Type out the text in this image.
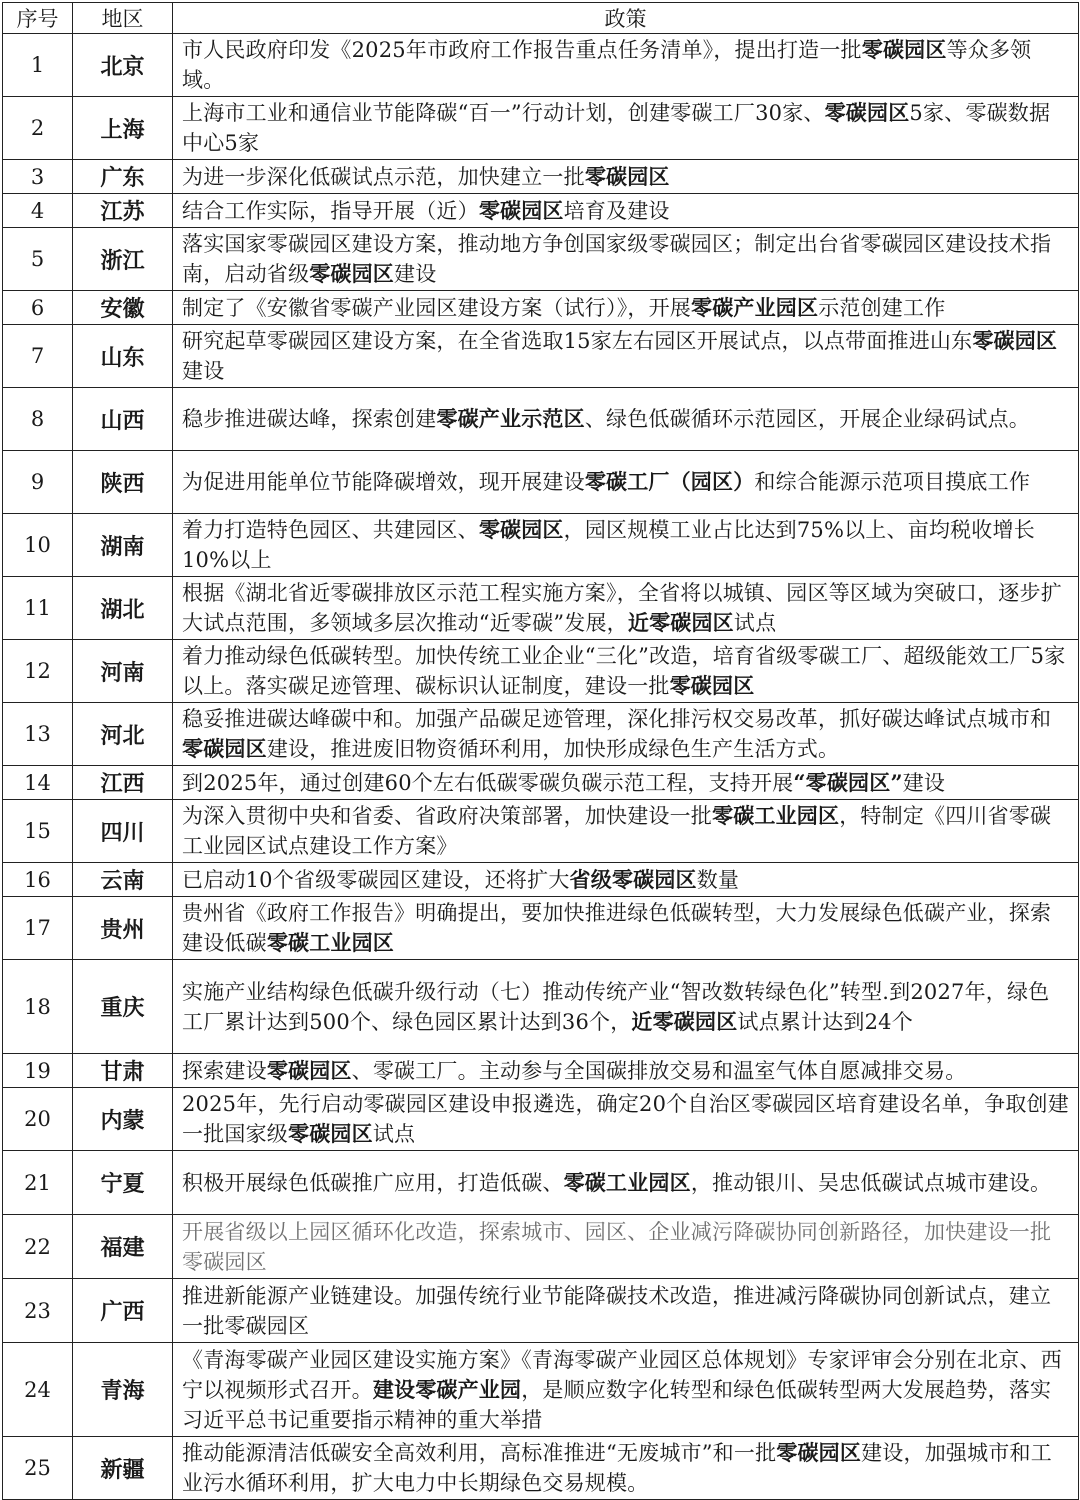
序号	地区	政策
1	北京	市人民政府印发《2025年市政府工作报告重点任务清单》，提出打造一批零碳园区等众多领域。
2	上海	上海市工业和通信业节能降碳“百一”行动计划，创建零碳工厂30家、零碳园区5家、零碳数据中心5家
3	广东	为进一步深化低碳试点示范，加快建立一批零碳园区
4	江苏	结合工作实际，指导开展（近）零碳园区培育及建设
5	浙江	落实国家零碳园区建设方案，推动地方争创国家级零碳园区；制定出台省零碳园区建设技术指南，启动省级零碳园区建设
6	安徽	制定了《安徽省零碳产业园区建设方案（试行）》，开展零碳产业园区示范创建工作
7	山东	研究起草零碳园区建设方案，在全省选取15家左右园区开展试点，以点带面推进山东零碳园区建设
8	山西	稳步推进碳达峰，探索创建零碳产业示范区、绿色低碳循环示范园区，开展企业绿码试点。
9	陕西	为促进用能单位节能降碳增效，现开展建设零碳工厂（园区）和综合能源示范项目摸底工作
10	湖南	着力打造特色园区、共建园区、零碳园区，园区规模工业占比达到75%以上、亩均税收增长10%以上
11	湖北	根据《湖北省近零碳排放区示范工程实施方案》，全省将以城镇、园区等区域为突破口，逐步扩大试点范围，多领域多层次推动“近零碳”发展，近零碳园区试点
12	河南	着力推动绿色低碳转型。加快传统工业企业“三化”改造，培育省级零碳工厂、超级能效工厂5家以上。落实碳足迹管理、碳标识认证制度，建设一批零碳园区
13	河北	稳妥推进碳达峰碳中和。加强产品碳足迹管理，深化排污权交易改革，抓好碳达峰试点城市和零碳园区建设，推进废旧物资循环利用，加快形成绿色生产生活方式。
14	江西	到2025年，通过创建60个左右低碳零碳负碳示范工程，支持开展“零碳园区”建设
15	四川	为深入贯彻中央和省委、省政府决策部署，加快建设一批零碳工业园区，特制定《四川省零碳工业园区试点建设工作方案》
16	云南	已启动10个省级零碳园区建设，还将扩大省级零碳园区数量
17	贵州	贵州省《政府工作报告》明确提出，要加快推进绿色低碳转型，大力发展绿色低碳产业，探索建设低碳零碳工业园区
18	重庆	实施产业结构绿色低碳升级行动（七）推动传统产业“智改数转绿色化”转型.到2027年，绿色工厂累计达到500个、绿色园区累计达到36个，近零碳园区试点累计达到24个
19	甘肃	探索建设零碳园区、零碳工厂。主动参与全国碳排放交易和温室气体自愿减排交易。
20	内蒙	2025年，先行启动零碳园区建设申报遴选，确定20个自治区零碳园区培育建设名单，争取创建一批国家级零碳园区试点
21	宁夏	积极开展绿色低碳推广应用，打造低碳、零碳工业园区，推动银川、吴忠低碳试点城市建设。
22	福建	开展省级以上园区循环化改造，探索城市、园区、企业减污降碳协同创新路径，加快建设一批零碳园区
23	广西	推进新能源产业链建设。加强传统行业节能降碳技术改造，推进减污降碳协同创新试点，建立一批零碳园区
24	青海	《青海零碳产业园区建设实施方案》《青海零碳产业园区总体规划》专家评审会分别在北京、西宁以视频形式召开。建设零碳产业园，是顺应数字化转型和绿色低碳转型两大发展趋势，落实习近平总书记重要指示精神的重大举措
25	新疆	推动能源清洁低碳安全高效利用，高标准推进“无废城市”和一批零碳园区建设，加强城市和工业污水循环利用，扩大电力中长期绿色交易规模。
